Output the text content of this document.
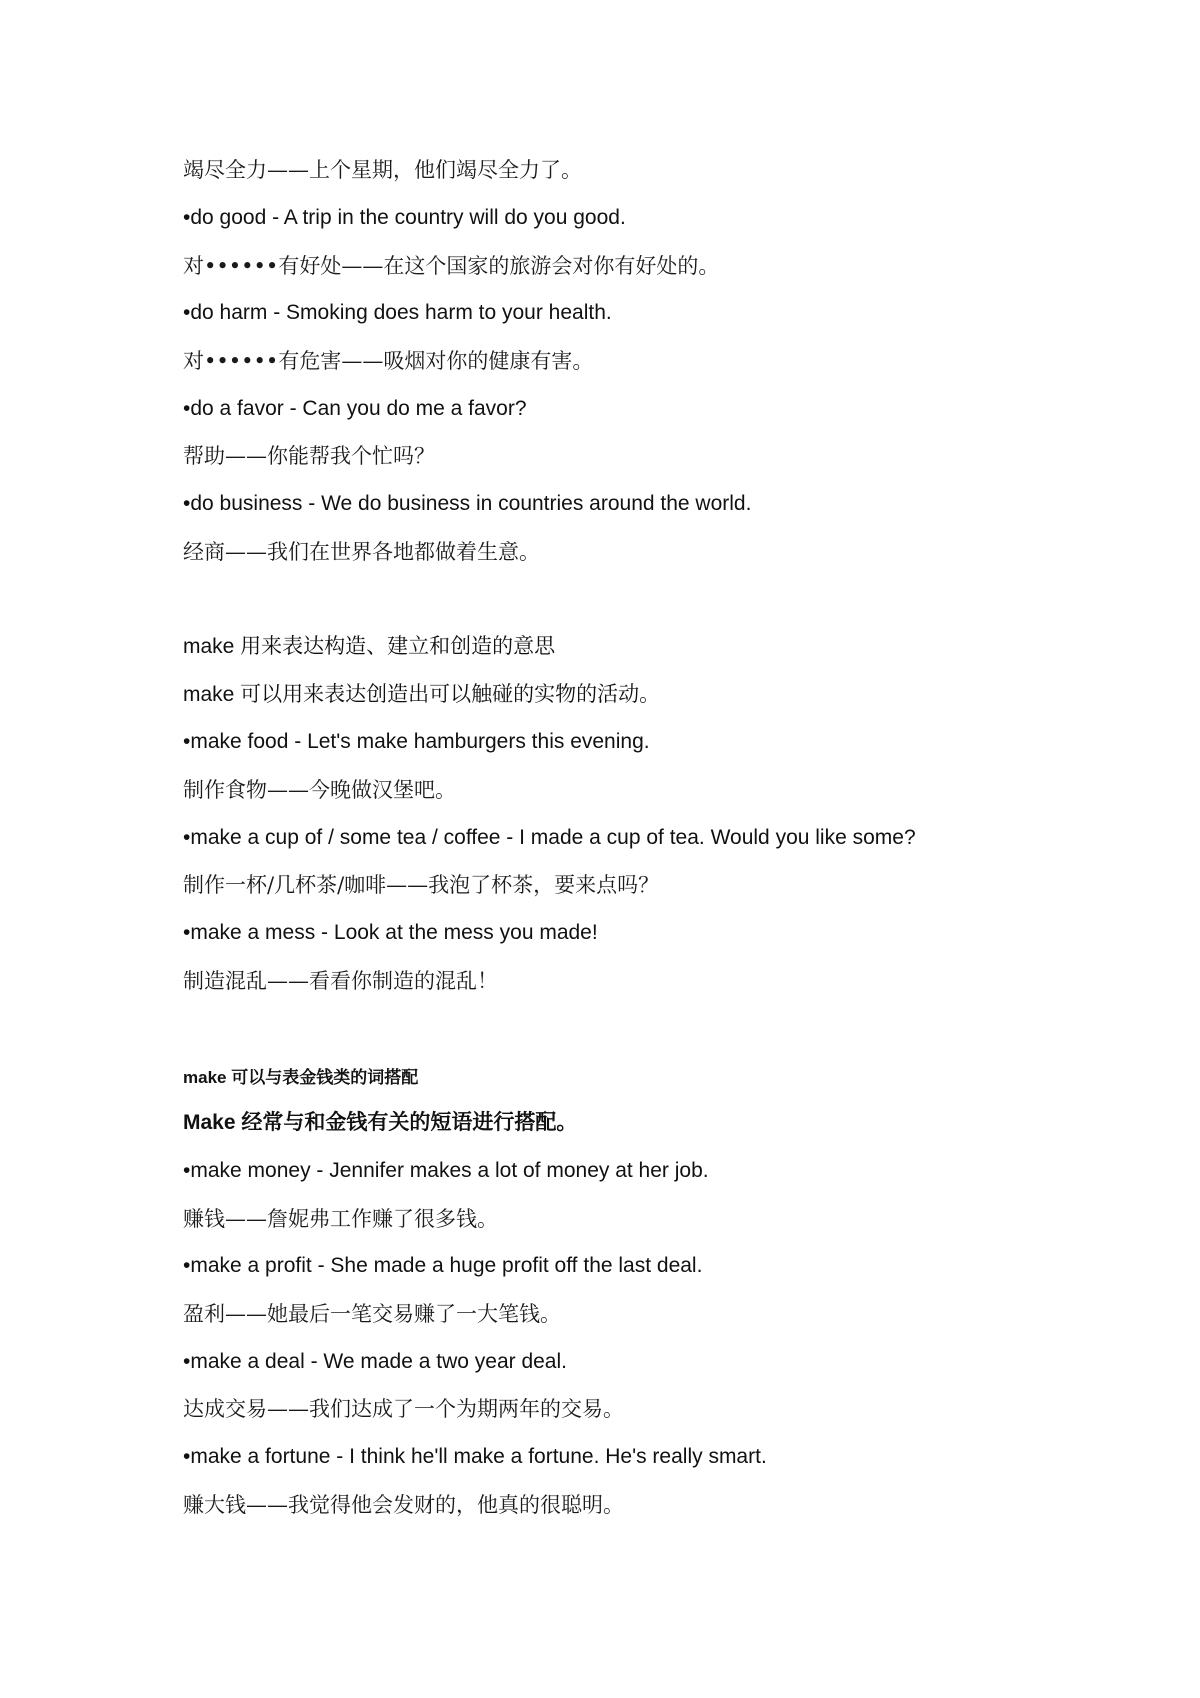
竭尽全力——上个星期，他们竭尽全力了。
•do good - A trip in the country will do you good.
对••••••有好处——在这个国家的旅游会对你有好处的。
•do harm - Smoking does harm to your health.
对••••••有危害——吸烟对你的健康有害。
•do a favor - Can you do me a favor?
帮助——你能帮我个忙吗？
•do business - We do business in countries around the world.
经商——我们在世界各地都做着生意。
make 用来表达构造、建立和创造的意思
make 可以用来表达创造出可以触碰的实物的活动。
•make food - Let's make hamburgers this evening.
制作食物——今晚做汉堡吧。
•make a cup of / some tea / coffee - I made a cup of tea. Would you like some?
制作一杯/几杯茶/咖啡——我泡了杯茶，要来点吗？
•make a mess - Look at the mess you made!
制造混乱——看看你制造的混乱！
make 可以与表金钱类的词搭配
Make 经常与和金钱有关的短语进行搭配。
•make money - Jennifer makes a lot of money at her job.
赚钱——詹妮弗工作赚了很多钱。
•make a profit - She made a huge profit off the last deal.
盈利——她最后一笔交易赚了一大笔钱。
•make a deal - We made a two year deal.
达成交易——我们达成了一个为期两年的交易。
•make a fortune - I think he'll make a fortune. He's really smart.
赚大钱——我觉得他会发财的，他真的很聪明。
